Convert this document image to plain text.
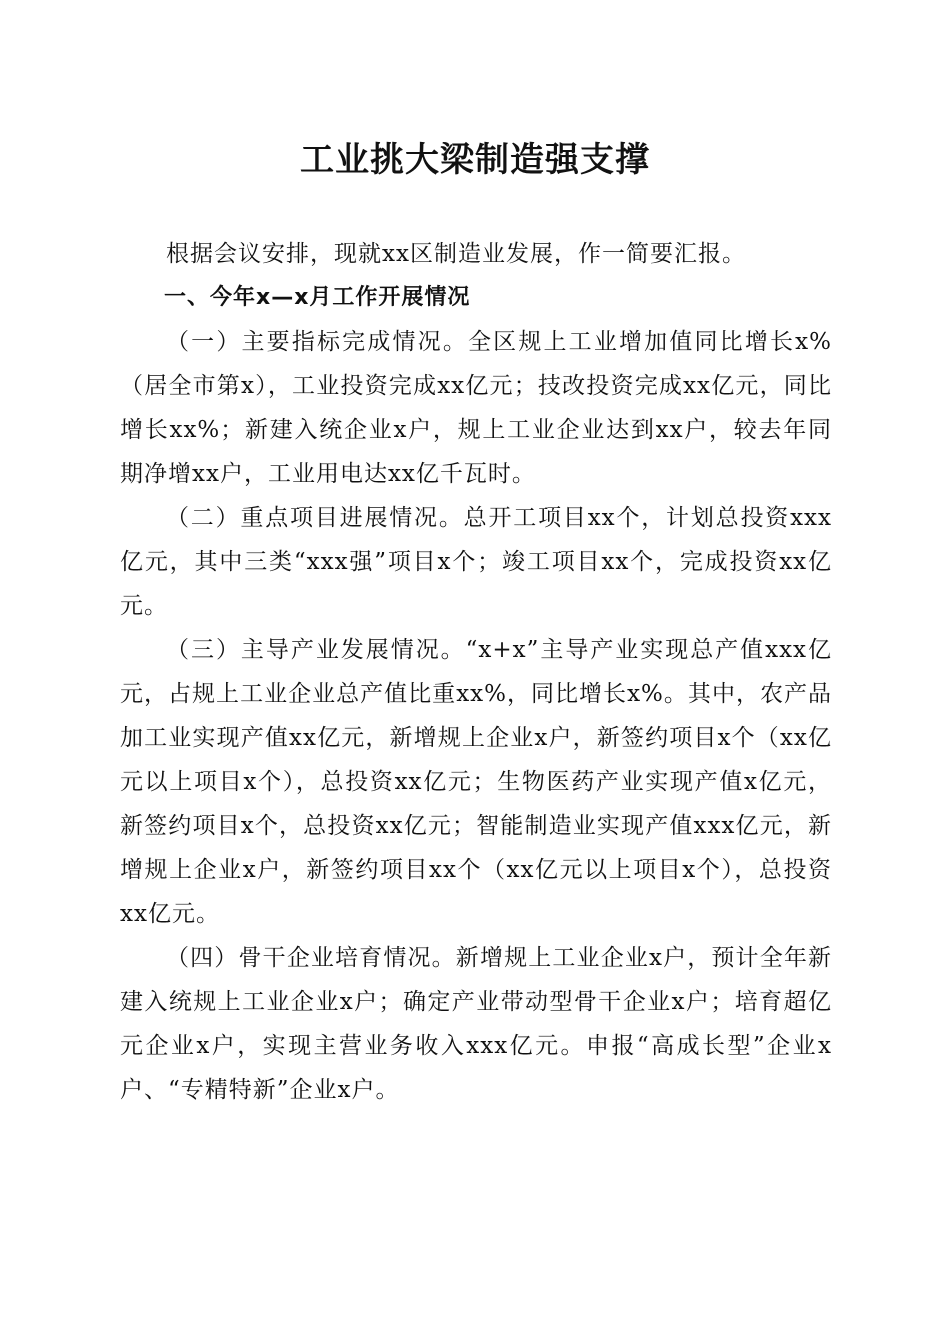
工业挑大梁制造强支撑

根据会议安排，现就xx区制造业发展，作一简要汇报。

一、今年x—x月工作开展情况

（一）主要指标完成情况。全区规上工业增加值同比增长x%（居全市第x），工业投资完成xx亿元；技改投资完成xx亿元，同比增长xx%；新建入统企业x户，规上工业企业达到xx户，较去年同期净增xx户，工业用电达xx亿千瓦时。

（二）重点项目进展情况。总开工项目xx个，计划总投资xxx亿元，其中三类“xxx强”项目x个；竣工项目xx个，完成投资xx亿元。

（三）主导产业发展情况。“x+x”主导产业实现总产值xxx亿元，占规上工业企业总产值比重xx%，同比增长x%。其中，农产品加工业实现产值xx亿元，新增规上企业x户，新签约项目x个（xx亿元以上项目x个），总投资xx亿元；生物医药产业实现产值x亿元，新签约项目x个，总投资xx亿元；智能制造业实现产值xxx亿元，新增规上企业x户，新签约项目xx个（xx亿元以上项目x个），总投资xx亿元。

（四）骨干企业培育情况。新增规上工业企业x户，预计全年新建入统规上工业企业x户；确定产业带动型骨干企业x户；培育超亿元企业x户，实现主营业务收入xxx亿元。申报“高成长型”企业x户、“专精特新”企业x户。
